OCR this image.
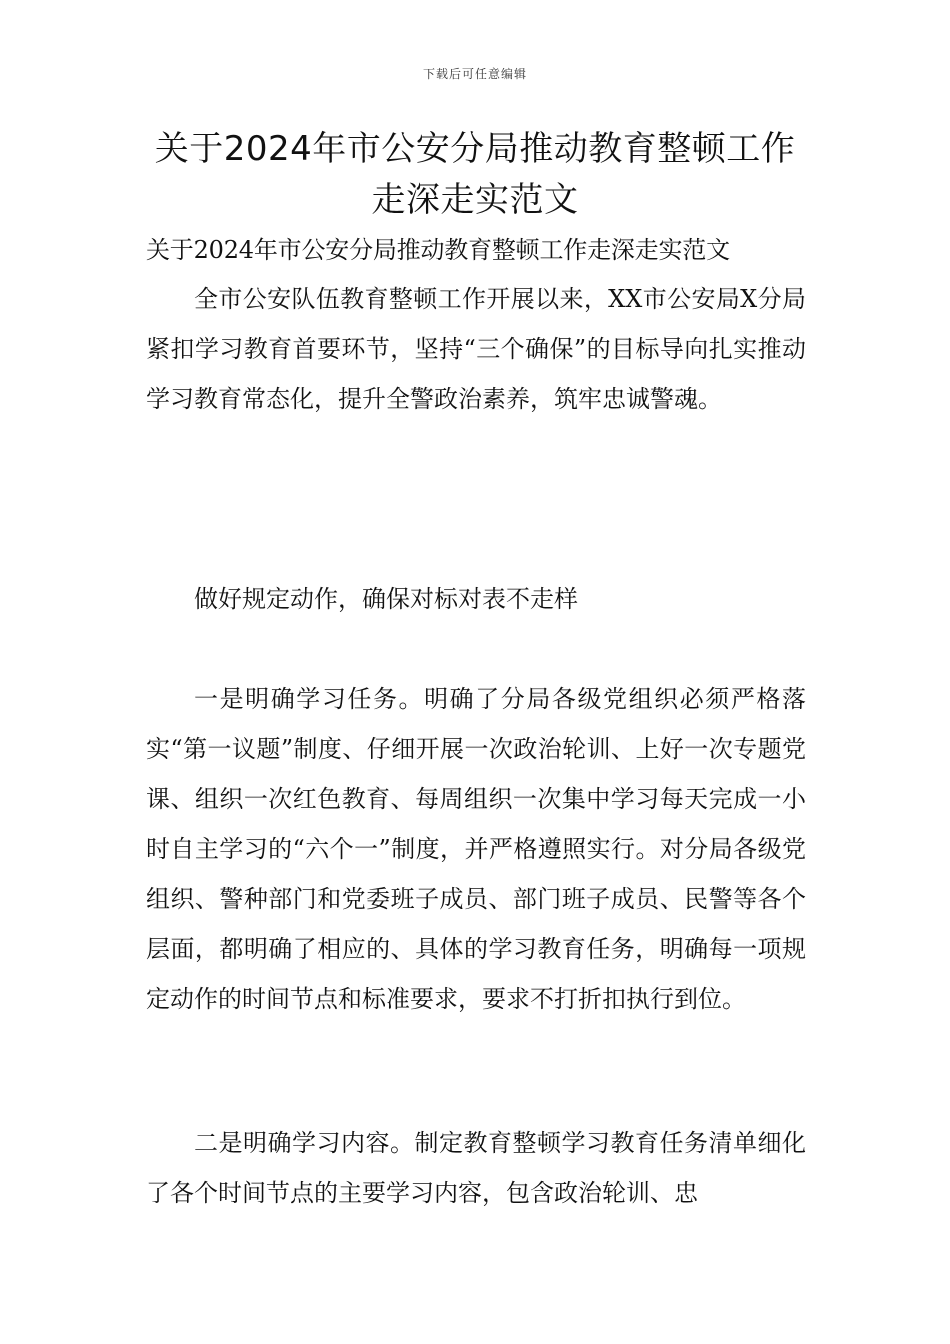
下载后可任意编辑
关于2024年市公安分局推动教育整顿工作走深走实范文

关于2024年市公安分局推动教育整顿工作走深走实范文

全市公安队伍教育整顿工作开展以来，XX市公安局X分局紧扣学习教育首要环节，坚持“三个确保”的目标导向扎实推动学习教育常态化，提升全警政治素养，筑牢忠诚警魂。

做好规定动作，确保对标对表不走样

一是明确学习任务。明确了分局各级党组织必须严格落实“第一议题”制度、仔细开展一次政治轮训、上好一次专题党课、组织一次红色教育、每周组织一次集中学习每天完成一小时自主学习的“六个一”制度，并严格遵照实行。对分局各级党组织、警种部门和党委班子成员、部门班子成员、民警等各个层面，都明确了相应的、具体的学习教育任务，明确每一项规定动作的时间节点和标准要求，要求不打折扣执行到位。

二是明确学习内容。制定教育整顿学习教育任务清单细化了各个时间节点的主要学习内容，包含政治轮训、忠
